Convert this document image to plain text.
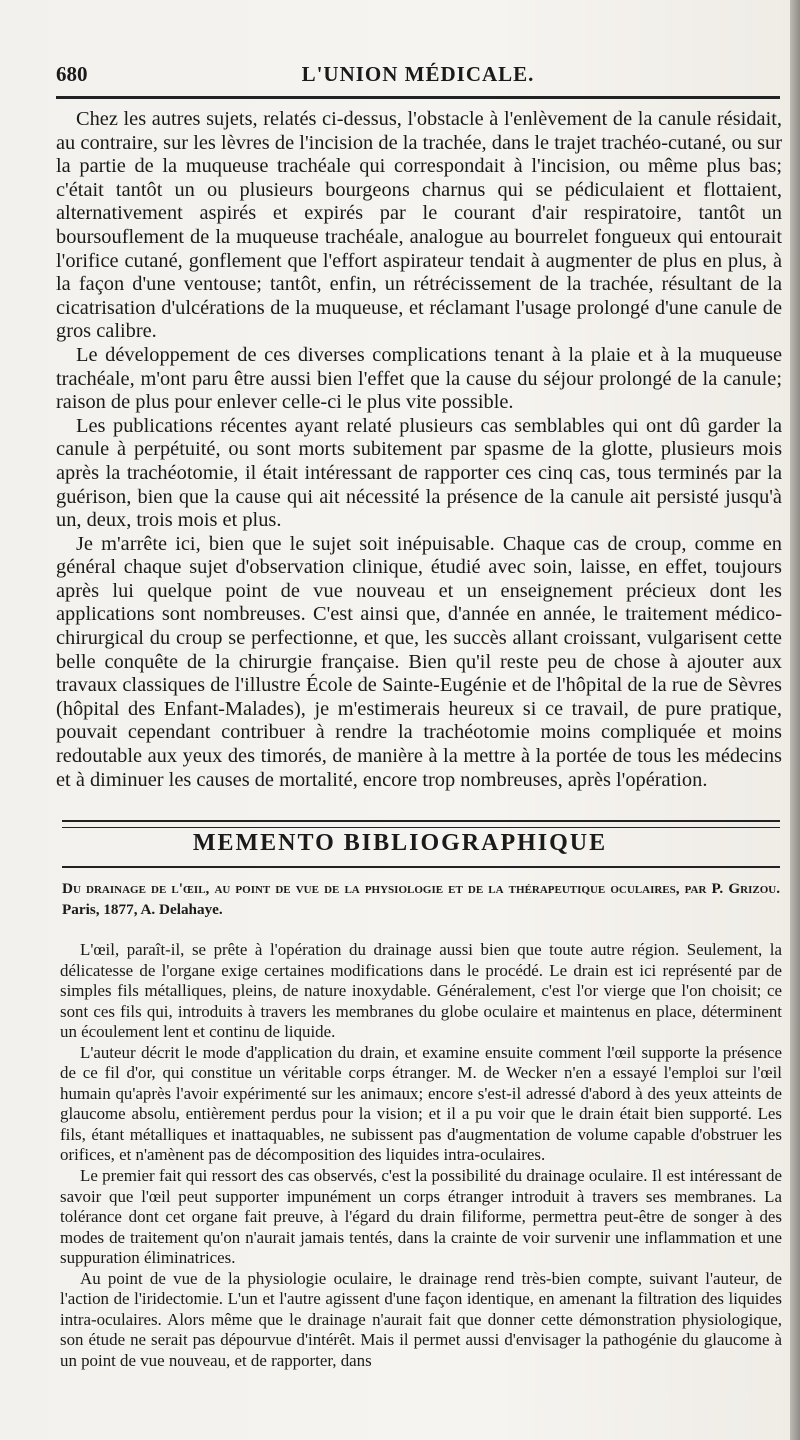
680	L'UNION MÉDICALE.

Chez les autres sujets, relatés ci-dessus, l'obstacle à l'enlèvement de la canule résidait, au contraire, sur les lèvres de l'incision de la trachée, dans le trajet trachéo-cutané, ou sur la partie de la muqueuse trachéale qui correspondait à l'incision, ou même plus bas; c'était tantôt un ou plusieurs bourgeons charnus qui se pédiculaient et flottaient, alternativement aspirés et expirés par le courant d'air respiratoire, tantôt un boursouflement de la muqueuse trachéale, analogue au bourrelet fongueux qui entourait l'orifice cutané, gonflement que l'effort aspirateur tendait à augmenter de plus en plus, à la façon d'une ventouse; tantôt, enfin, un rétrécissement de la trachée, résultant de la cicatrisation d'ulcérations de la muqueuse, et réclamant l'usage prolongé d'une canule de gros calibre.

Le développement de ces diverses complications tenant à la plaie et à la muqueuse trachéale, m'ont paru être aussi bien l'effet que la cause du séjour prolongé de la canule; raison de plus pour enlever celle-ci le plus vite possible.

Les publications récentes ayant relaté plusieurs cas semblables qui ont dû garder la canule à perpétuité, ou sont morts subitement par spasme de la glotte, plusieurs mois après la trachéotomie, il était intéressant de rapporter ces cinq cas, tous terminés par la guérison, bien que la cause qui ait nécessité la présence de la canule ait persisté jusqu'à un, deux, trois mois et plus.

Je m'arrête ici, bien que le sujet soit inépuisable. Chaque cas de croup, comme en général chaque sujet d'observation clinique, étudié avec soin, laisse, en effet, toujours après lui quelque point de vue nouveau et un enseignement précieux dont les applications sont nombreuses. C'est ainsi que, d'année en année, le traitement médico-chirurgical du croup se perfectionne, et que, les succès allant croissant, vulgarisent cette belle conquête de la chirurgie française. Bien qu'il reste peu de chose à ajouter aux travaux classiques de l'illustre École de Sainte-Eugénie et de l'hôpital de la rue de Sèvres (hôpital des Enfant-Malades), je m'estimerais heureux si ce travail, de pure pratique, pouvait cependant contribuer à rendre la trachéotomie moins compliquée et moins redoutable aux yeux des timorés, de manière à la mettre à la portée de tous les médecins et à diminuer les causes de mortalité, encore trop nombreuses, après l'opération.

MEMENTO BIBLIOGRAPHIQUE
Du drainage de l'œil, au point de vue de la physiologie et de la thérapeutique oculaires, par P. Grizou. Paris, 1877, A. Delahaye.

L'œil, paraît-il, se prête à l'opération du drainage aussi bien que toute autre région. Seulement, la délicatesse de l'organe exige certaines modifications dans le procédé. Le drain est ici représenté par de simples fils métalliques, pleins, de nature inoxydable. Généralement, c'est l'or vierge que l'on choisit; ce sont ces fils qui, introduits à travers les membranes du globe oculaire et maintenus en place, déterminent un écoulement lent et continu de liquide.

L'auteur décrit le mode d'application du drain, et examine ensuite comment l'œil supporte la présence de ce fil d'or, qui constitue un véritable corps étranger. M. de Wecker n'en a essayé l'emploi sur l'œil humain qu'après l'avoir expérimenté sur les animaux; encore s'est-il adressé d'abord à des yeux atteints de glaucome absolu, entièrement perdus pour la vision; et il a pu voir que le drain était bien supporté. Les fils, étant métalliques et inattaquables, ne subissent pas d'augmentation de volume capable d'obstruer les orifices, et n'amènent pas de décomposition des liquides intra-oculaires.

Le premier fait qui ressort des cas observés, c'est la possibilité du drainage oculaire. Il est intéressant de savoir que l'œil peut supporter impunément un corps étranger introduit à travers ses membranes. La tolérance dont cet organe fait preuve, à l'égard du drain filiforme, permettra peut-être de songer à des modes de traitement qu'on n'aurait jamais tentés, dans la crainte de voir survenir une inflammation et une suppuration éliminatrices.

Au point de vue de la physiologie oculaire, le drainage rend très-bien compte, suivant l'auteur, de l'action de l'iridectomie. L'un et l'autre agissent d'une façon identique, en amenant la filtration des liquides intra-oculaires. Alors même que le drainage n'aurait fait que donner cette démonstration physiologique, son étude ne serait pas dépourvue d'intérêt. Mais il permet aussi d'envisager la pathogénie du glaucome à un point de vue nouveau, et de rapporter, dans
